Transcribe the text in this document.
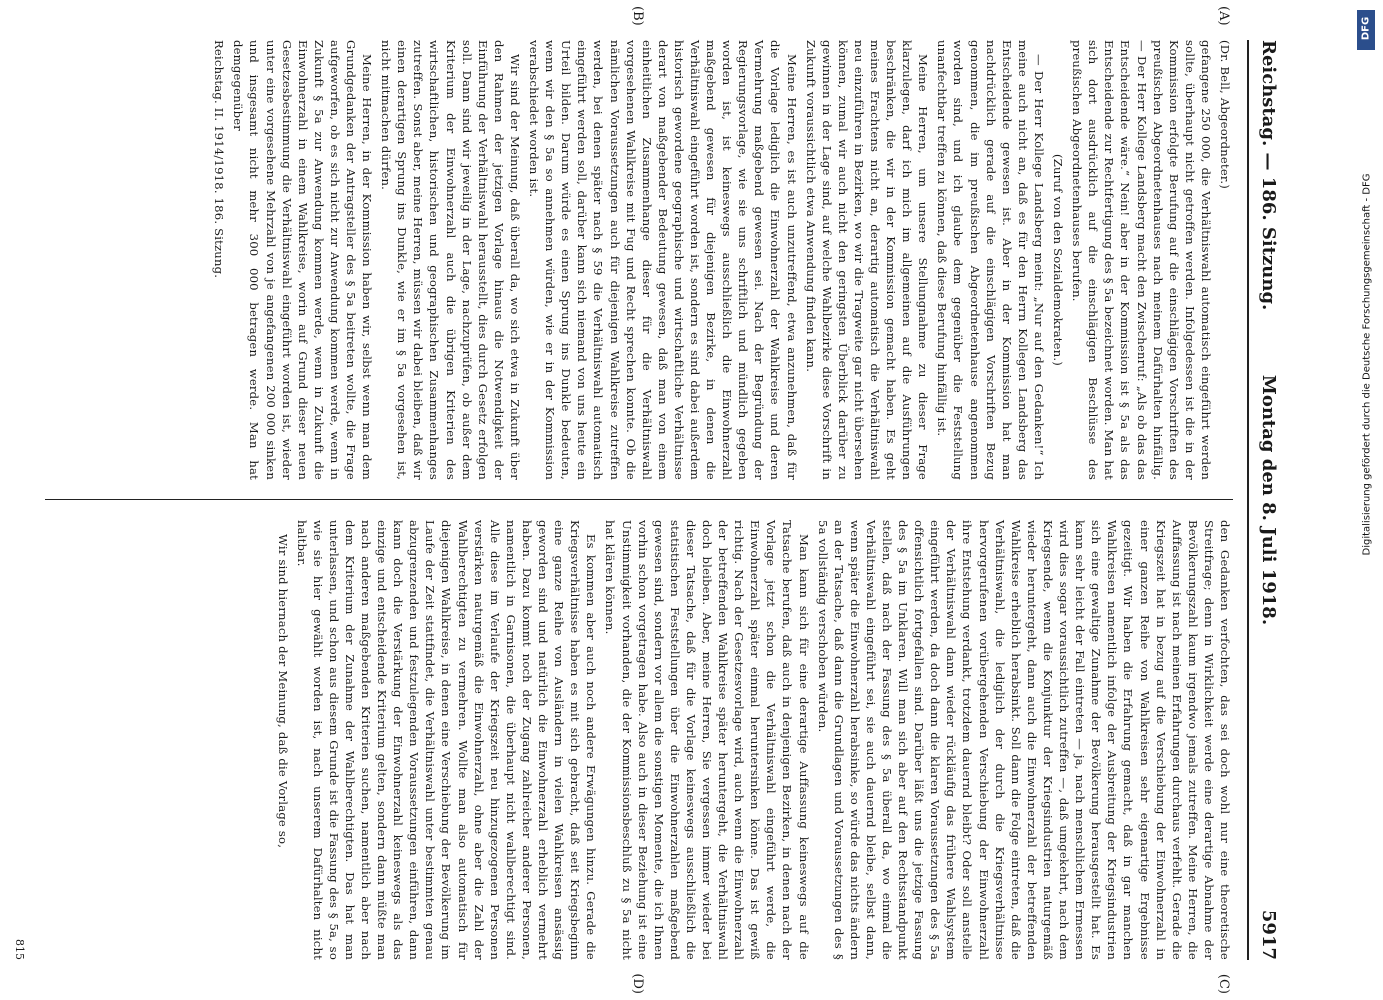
Reichstag. — 186. Sitzung.
Montag den 8. Juli 1918.
5917
(A)
(B)
(C)
(D)

(Dr. Bell, Abgeordneter.)

gefangene 250 000, die Verhältniswahl automatisch eingeführt werden sollte, überhaupt nicht getroffen werden. Infolgedessen ist die in der Kommission erfolgte Berufung auf die einschlägigen Vorschriften des preußischen Abgeordnetenhauses nach meinem Dafürhalten hinfällig. — Der Herr Kollege Landsberg macht den Zwischenruf: „Als ob das das Entscheidende wäre.“ Nein! aber in der Kommission ist § 5a als das Entscheidende zur Rechtfertigung des § 5a bezeichnet worden. Man hat sich dort ausdrücklich auf die einschlägigen Beschlüsse des preußischen Abgeordnetenhauses berufen.

(Zuruf von den Sozialdemokraten.)

— Der Herr Kollege Landsberg meint: „Nur auf den Gedanken!“ Ich meine auch nicht an, daß es für den Herrn Kollegen Landsberg das Entscheidende gewesen ist. Aber in der Kommission hat man nachdrücklich gerade auf die einschlägigen Vorschriften Bezug genommen, die im preußischen Abgeordnetenhause angenommen worden sind, und ich glaube dem gegenüber die Feststellung unanfechtbar treffen zu können, daß diese Berufung hinfällig ist.

Meine Herren, um unsere Stellungnahme zu dieser Frage klarzulegen, darf ich mich im allgemeinen auf die Ausführungen beschränken, die wir in der Kommission gemacht haben. Es geht meines Erachtens nicht an, derartig automatisch die Verhältniswahl neu einzuführen in Bezirken, wo wir die Tragweite gar nicht übersehen können, zumal wir auch nicht den geringsten Überblick darüber zu gewinnen in der Lage sind, auf welche Wahlbezirke diese Vorschrift in Zukunft voraussichtlich etwa Anwendung finden kann.

Meine Herren, es ist auch unzutreffend, etwa anzunehmen, daß für die Vorlage lediglich die Einwohnerzahl der Wahlkreise und deren Vermehrung maßgebend gewesen sei. Nach der Begründung der Regierungsvorlage, wie sie uns schriftlich und mündlich gegeben worden ist, ist keineswegs ausschließlich die Einwohnerzahl maßgebend gewesen für diejenigen Bezirke, in denen die Verhältniswahl eingeführt worden ist, sondern es sind dabei außerdem historisch gewordene geographische und wirtschaftliche Verhältnisse derart von maßgebender Bedeutung gewesen, daß man von einem einheitlichen Zusammenhange dieser für die Verhältniswahl vorgesehenen Wahlkreise mit Fug und Recht sprechen konnte. Ob die nämlichen Voraussetzungen auch für diejenigen Wahlkreise zutreffen werden, bei denen später nach § 59 die Verhältniswahl automatisch eingeführt werden soll, darüber kann sich niemand von uns heute ein Urteil bilden. Darum würde es einen Sprung ins Dunkle bedeuten, wenn wir den § 5a so annehmen würden, wie er in der Kommission verabschiedet worden ist.

Wir sind der Meinung, daß überall da, wo sich etwa in Zukunft über den Rahmen der jetzigen Vorlage hinaus die Notwendigkeit der Einführung der Verhältniswahl herausstellt, dies durch Gesetz erfolgen soll. Dann sind wir jeweilig in der Lage, nachzuprüfen, ob außer dem Kriterium der Einwohnerzahl auch die übrigen Kriterien des wirtschaftlichen, historischen und geographischen Zusammenhanges zutreffen. Sonst aber, meine Herren, müssen wir dabei bleiben, daß wir einen derartigen Sprung ins Dunkle, wie er im § 5a vorgesehen ist, nicht mitmachen dürfen.

Meine Herren, in der Kommission haben wir, selbst wenn man dem Grundgedanken der Antragsteller des § 5a beitreten wollte, die Frage aufgeworfen, ob es sich nicht zur Anwendung kommen werde, wenn in Zukunft § 5a zur Anwendung kommen werde, wenn in Zukunft die Einwohnerzahl in einem Wahlkreise, worin auf Grund dieser neuen Gesetzesbestimmung die Verhältniswahl eingeführt worden ist, wieder unter eine vorgesehene Mehrzahl von je angefangenen 200 000 sinken und insgesamt nicht mehr 300 000 betragen werde. Man hat demgegenüber

Reichstag. II. 1914/1918. 186. Sitzung.

den Gedanken verfochten, das sei doch wohl nur eine theoretische Streitfrage; denn in Wirklichkeit werde eine derartige Abnahme der Bevölkerungszahl kaum irgendwo jemals zutreffen. Meine Herren, die Auffassung ist nach meinen Erfahrungen durchaus verfehlt. Gerade die Kriegszeit hat in bezug auf die Verschiebung der Einwohnerzahl in einer ganzen Reihe von Wahlkreisen sehr eigenartige Ergebnisse gezeitigt. Wir haben die Erfahrung gemacht, daß in gar manchen Wahlkreisen namentlich infolge der Ausbreitung der Kriegsindustrien sich eine gewaltige Zunahme der Bevölkerung herausgestellt hat. Es kann sehr leicht der Fall eintreten — ja, nach menschlichem Ermessen wird dies sogar voraussichtlich zutreffen —, daß umgekehrt, nach dem Kriegsende, wenn die Konjunktur der Kriegsindustrien naturgemäß wieder heruntergeht, dann auch die Einwohnerzahl der betreffenden Wahlkreise erheblich herabsinkt. Soll dann die Folge eintreten, daß die Verhältniswahl, die lediglich der durch die Kriegsverhältnisse hervorgerufenen vorübergehenden Verschiebung der Einwohnerzahl ihre Entstehung verdankt, trotzdem dauernd bleibt? Oder soll anstelle der Verhältniswahl dann wieder rückläufig das frühere Wahlsystem eingeführt werden, da doch dann die klaren Voraussetzungen des § 5a offensichtlich fortgefallen sind. Darüber läßt uns die jetzige Fassung des § 5a im Unklaren. Will man sich aber auf den Rechtsstandpunkt stellen, daß nach der Fassung des § 5a überall da, wo einmal die Verhältniswahl eingeführt sei, sie auch dauernd bleibe, selbst dann, wenn später die Einwohnerzahl herabsinke, so würde das nichts ändern an der Tatsache, daß dann die Grundlagen und Voraussetzungen des § 5a vollständig verschoben würden.

Man kann sich für eine derartige Auffassung keineswegs auf die Tatsache berufen, daß auch in denjenigen Bezirken, in denen nach der Vorlage jetzt schon die Verhältniswahl eingeführt werde, die Einwohnerzahl später einmal heruntersinken könne. Das ist gewiß richtig. Nach der Gesetzesvorlage wird, auch wenn die Einwohnerzahl der betreffenden Wahlkreise später heruntergeht, die Verhältniswahl doch bleiben. Aber, meine Herren, Sie vergessen immer wieder bei dieser Tatsache, daß für die Vorlage keineswegs ausschließlich die statistischen Feststellungen über die Einwohnerzahlen maßgebend gewesen sind, sondern vor allem die sonstigen Momente, die ich Ihnen vorhin schon vorgetragen habe. Also auch in dieser Beziehung ist eine Unstimmigkeit vorhanden, die der Kommissionsbeschluß zu § 5a nicht hat klären können.

Es kommen aber auch noch andere Erwägungen hinzu. Gerade die Kriegsverhältnisse haben es mit sich gebracht, daß seit Kriegsbeginn eine ganze Reihe von Ausländern in vielen Wahlkreisen ansässig geworden sind und natürlich die Einwohnerzahl erheblich vermehrt haben. Dazu kommt noch der Zugang zahlreicher anderer Personen, namentlich in Garnisonen, die überhaupt nicht wahlberechtigt sind. Alle diese im Verlaufe der Kriegszeit neu hinzugezogenen Personen verstärken naturgemäß die Einwohnerzahl, ohne aber die Zahl der Wahlberechtigten zu vermehren. Wollte man also automatisch für diejenigen Wahlkreise, in denen eine Verschiebung der Bevölkerung im Laufe der Zeit stattfindet, die Verhältniswahl unter bestimmten genau abzugrenzenden und festzulegenden Voraussetzungen einführen, dann kann doch die Verstärkung der Einwohnerzahl keineswegs als das einzige und entscheidende Kriterium gelten, sondern dann müßte man nach anderen maßgebenden Kriterien suchen, namentlich aber nach dem Kriterium der Zunahme der Wahlberechtigten. Das hat man unterlassen, und schon aus diesem Grunde ist die Fassung des § 5a, so wie sie hier gewählt worden ist, nach unserem Dafürhalten nicht haltbar.

Wir sind hiernach der Meinung, daß die Vorlage so,

815
DFG
Digitalisierung gefördert durch die Deutsche Forschungsgemeinschaft - DFG
